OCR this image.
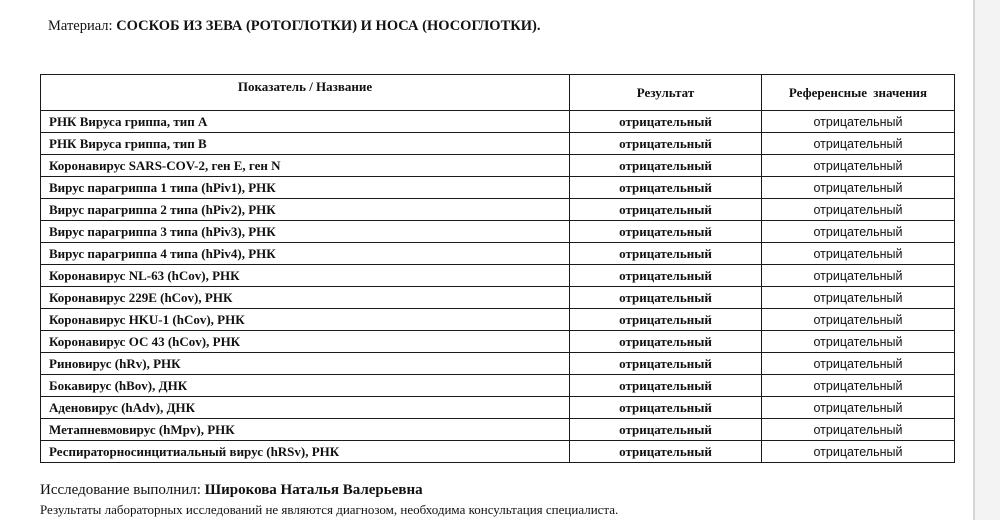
Материал: СОСКОБ ИЗ ЗЕВА (РОТОГЛОТКИ) И НОСА (НОСОГЛОТКИ).
Показатель / Название	Результат	Референсные значения
РНК Вируса гриппа, тип А	отрицательный	отрицательный
РНК Вируса гриппа, тип В	отрицательный	отрицательный
Коронавирус SARS-COV-2, ген E, ген N	отрицательный	отрицательный
Вирус парагриппа 1 типа (hPiv1), РНК	отрицательный	отрицательный
Вирус парагриппа 2 типа (hPiv2), РНК	отрицательный	отрицательный
Вирус парагриппа 3 типа (hPiv3), РНК	отрицательный	отрицательный
Вирус парагриппа 4 типа (hPiv4), РНК	отрицательный	отрицательный
Коронавирус NL-63 (hCov), РНК	отрицательный	отрицательный
Коронавирус 229E (hCov), РНК	отрицательный	отрицательный
Коронавирус HKU-1 (hCov), РНК	отрицательный	отрицательный
Коронавирус ОС 43 (hCov), РНК	отрицательный	отрицательный
Риновирус (hRv), РНК	отрицательный	отрицательный
Бокавирус (hBov), ДНК	отрицательный	отрицательный
Аденовирус (hAdv), ДНК	отрицательный	отрицательный
Метапневмовирус (hMpv), РНК	отрицательный	отрицательный
Респираторносинцитиальный вирус (hRSv), РНК	отрицательный	отрицательный
Исследование выполнил: Широкова Наталья Валерьевна
Результаты лабораторных исследований не являются диагнозом, необходима консультация специалиста.
